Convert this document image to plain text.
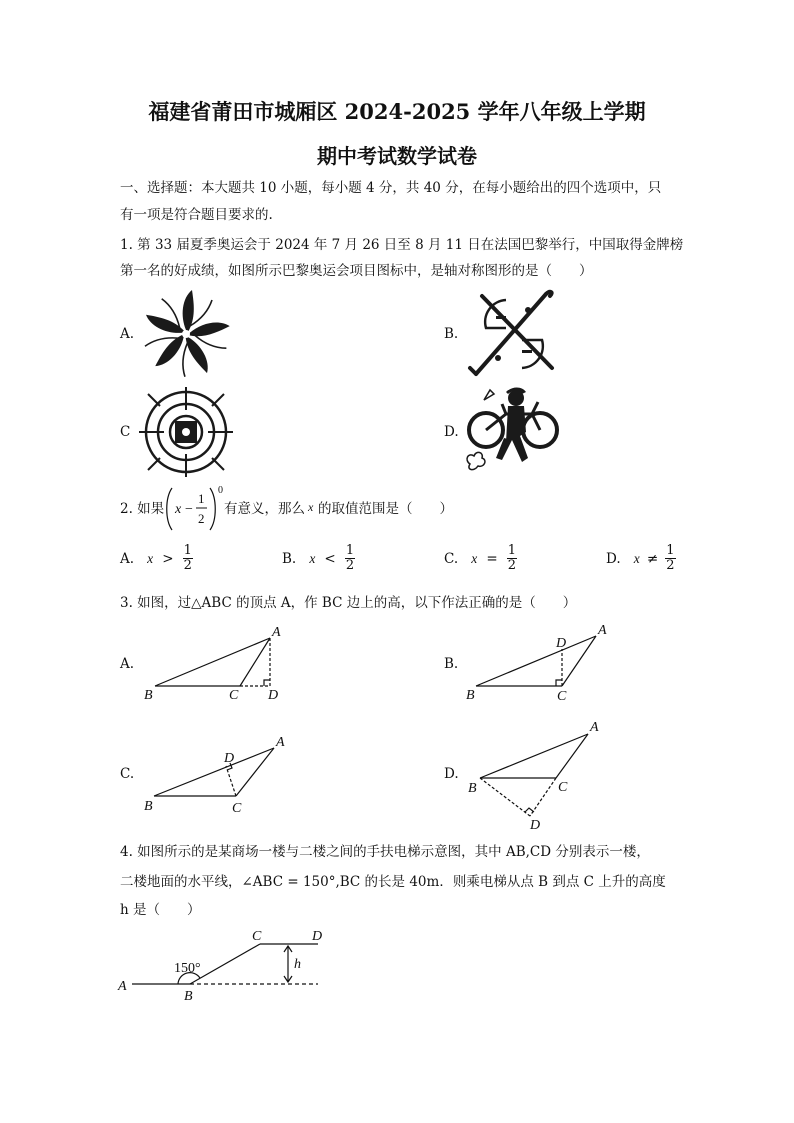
福建省莆田市城厢区 2024-2025 学年八年级上学期
期中考试数学试卷
一、选择题：本大题共 10 小题，每小题 4 分，共 40 分，在每小题给出的四个选项中，只
有一项是符合题目要求的.
1. 第 33 届夏季奥运会于 2024 年 7 月 26 日至 8 月 11 日在法国巴黎举行，中国取得金牌榜
第一名的好成绩，如图所示巴黎奥运会项目图标中，是轴对称图形的是（　　）
A.	B.
C	D.
2. 如果 x −
1
2
0
有意义，那么 x 的取值范围是（　　）
A. $x > \frac{1}{2}$	B. $x < \frac{1}{2}$	C. $x = \frac{1}{2}$	D. $x \ne \frac{1}{2}$
3. 如图，过△ABC 的顶点 A，作 BC 边上的高，以下作法正确的是（　　）
A.	B.
C.	D.
A
B	C D
A
B	C
D
A
B	C
D
A
B	C
D
4. 如图所示的是某商场一楼与二楼之间的手扶电梯示意图，其中 AB,CD 分别表示一楼，
二楼地面的水平线，∠ABC = 150°,BC 的长是 40m．则乘电梯从点 B 到点 C 上升的高度
h 是（　　）
A
B
C	D
150°	h
